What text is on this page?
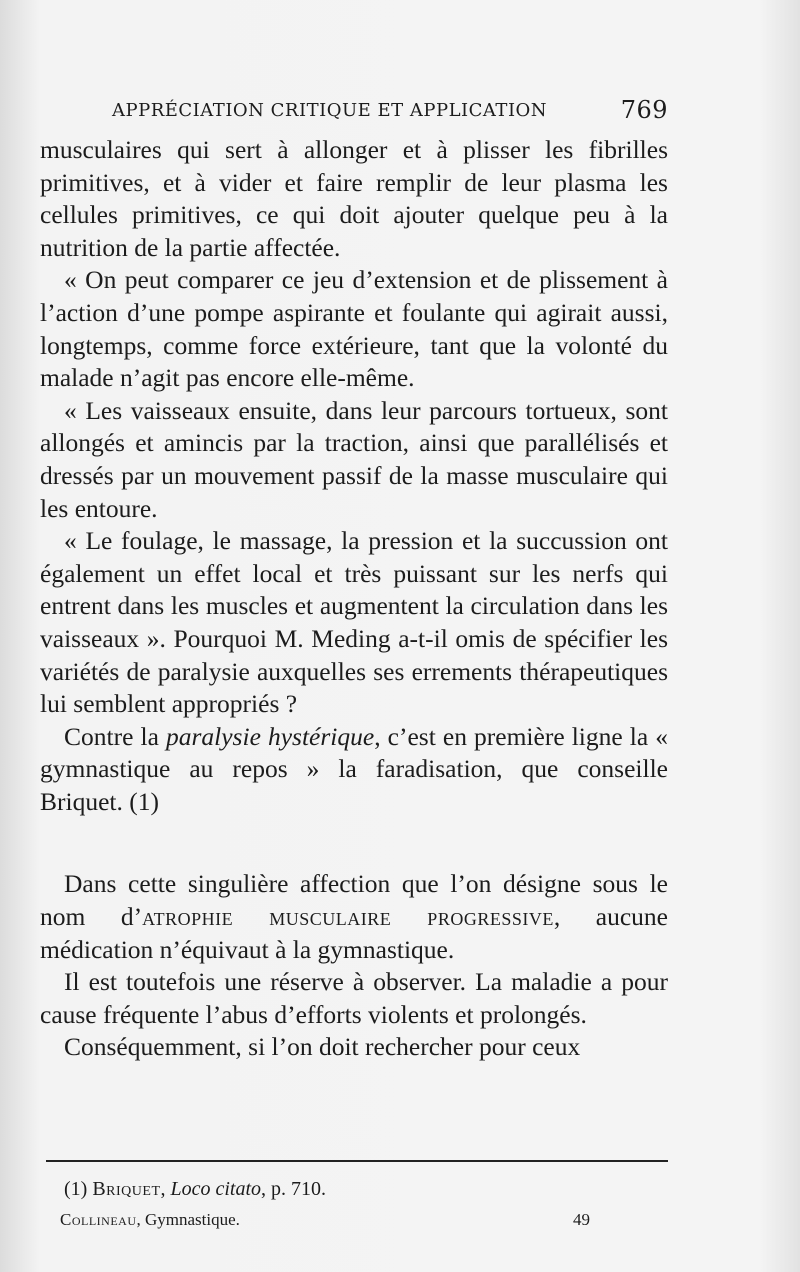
APPRÉCIATION CRITIQUE ET APPLICATION	769

musculaires qui sert à allonger et à plisser les fibrilles primitives, et à vider et faire remplir de leur plasma les cellules primitives, ce qui doit ajouter quelque peu à la nutrition de la partie affectée.

« On peut comparer ce jeu d’extension et de plissement à l’action d’une pompe aspirante et foulante qui agirait aussi, longtemps, comme force extérieure, tant que la volonté du malade n’agit pas encore elle-même.

« Les vaisseaux ensuite, dans leur parcours tortueux, sont allongés et amincis par la traction, ainsi que parallélisés et dressés par un mouvement passif de la masse musculaire qui les entoure.

« Le foulage, le massage, la pression et la succussion ont également un effet local et très puissant sur les nerfs qui entrent dans les muscles et augmentent la circulation dans les vaisseaux ». Pourquoi M. Meding a-t-il omis de spécifier les variétés de paralysie auxquelles ses errements thérapeutiques lui semblent appropriés ?

Contre la paralysie hystérique, c’est en première ligne la « gymnastique au repos » la faradisation, que conseille Briquet. (1)

Dans cette singulière affection que l’on désigne sous le nom d’atrophie musculaire progressive, aucune médication n’équivaut à la gymnastique.

Il est toutefois une réserve à observer. La maladie a pour cause fréquente l’abus d’efforts violents et prolongés.

Conséquemment, si l’on doit rechercher pour ceux

(1) Briquet, Loco citato, p. 710.
Collineau, Gymnastique.	49
